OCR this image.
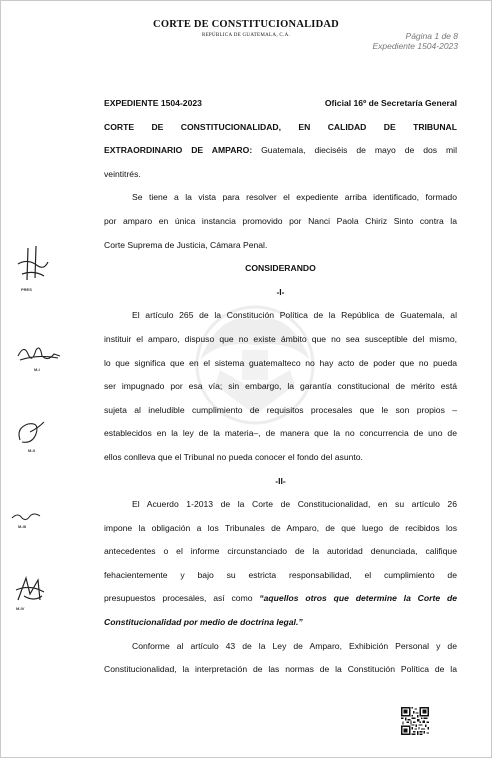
CORTE DE CONSTITUCIONALIDAD
REPÚBLICA DE GUATEMALA, C.A.	Página 1 de 8
Expediente 1504-2023
EXPEDIENTE 1504-2023	Oficial 16º de Secretaría General
CORTE DE CONSTITUCIONALIDAD, EN CALIDAD DE TRIBUNAL
EXTRAORDINARIO DE AMPARO: Guatemala, dieciséis de mayo de dos mil
veintitrés.
Se tiene a la vista para resolver el expediente arriba identificado, formado
por amparo en única instancia promovido por Nanci Paola Chiriz Sinto contra la
Corte Suprema de Justicia, Cámara Penal.
CONSIDERANDO
-I-
El artículo 265 de la Constitución Política de la República de Guatemala, al
instituir el amparo, dispuso que no existe ámbito que no sea susceptible del mismo,
lo que significa que en el sistema guatemalteco no hay acto de poder que no pueda
ser impugnado por esa vía; sin embargo, la garantía constitucional de mérito está
sujeta al ineludible cumplimiento de requisitos procesales que le son propios –
establecidos en la ley de la materia–, de manera que la no concurrencia de uno de
ellos conlleva que el Tribunal no pueda conocer el fondo del asunto.
-II-
El Acuerdo 1-2013 de la Corte de Constitucionalidad, en su artículo 26
impone la obligación a los Tribunales de Amparo, de que luego de recibidos los
antecedentes o el informe circunstanciado de la autoridad denunciada, califique
fehacientemente y bajo su estricta responsabilidad, el cumplimiento de
presupuestos procesales, así como “aquellos otros que determine la Corte de
Constitucionalidad por medio de doctrina legal.”
Conforme al artículo 43 de la Ley de Amparo, Exhibición Personal y de
Constitucionalidad, la interpretación de las normas de la Constitución Política de la
PRES
M-I
M-II
M-III
M-IV
